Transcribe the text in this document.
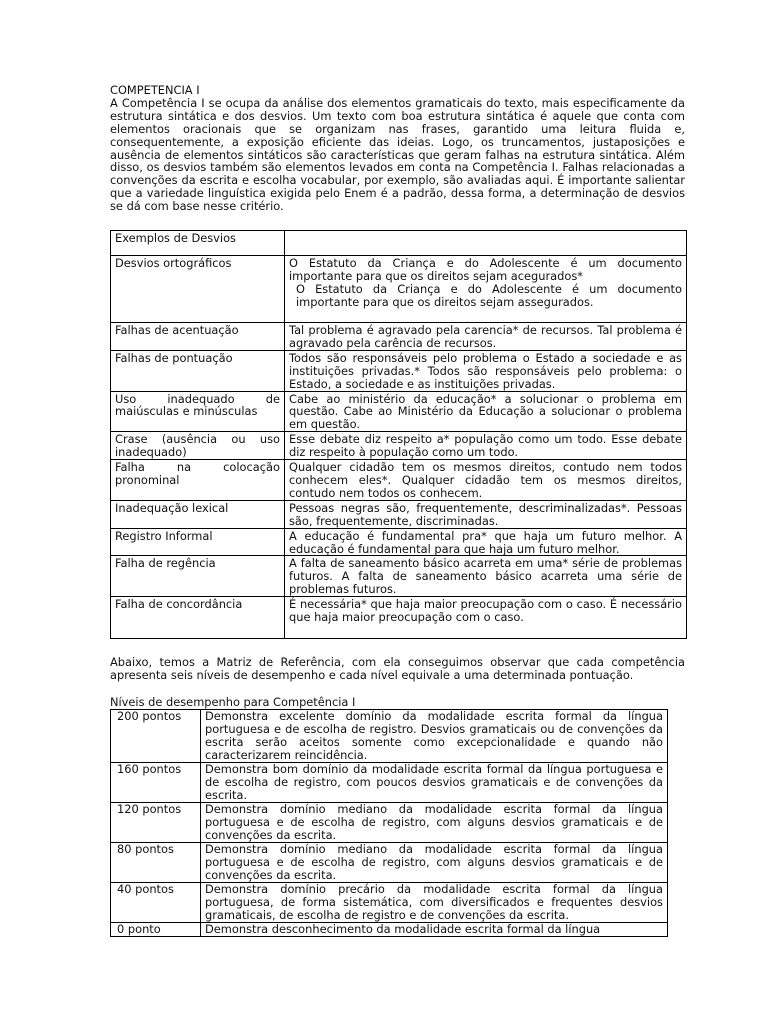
COMPETENCIA I

A Competência I se ocupa da análise dos elementos gramaticais do texto, mais especificamente da estrutura sintática e dos desvios. Um texto com boa estrutura sintática é aquele que conta com elementos oracionais que se organizam nas frases, garantido uma leitura fluida e, consequentemente, a exposição eficiente das ideias. Logo, os truncamentos, justaposições e ausência de elementos sintáticos são características que geram falhas na estrutura sintática. Além disso, os desvios também são elementos levados em conta na Competência I. Falhas relacionadas a convenções da escrita e escolha vocabular, por exemplo, são avaliadas aqui. É importante salientar que a variedade linguística exigida pelo Enem é a padrão, dessa forma, a determinação de desvios se dá com base nesse critério.

Exemplos de Desvios	
Desvios ortográficos	O Estatuto da Criança e do Adolescente é um documento importante para que os direitos sejam acegurados*

O Estatuto da Criança e do Adolescente é um documento importante para que os direitos sejam assegurados.

Falhas de acentuação	Tal problema é agravado pela carencia* de recursos. Tal problema é agravado pela carência de recursos.
Falhas de pontuação	Todos são responsáveis pelo problema o Estado a sociedade e as instituições privadas.* Todos são responsáveis pelo problema: o Estado, a sociedade e as instituições privadas.
Uso inadequado de maiúsculas e minúsculas	Cabe ao ministério da educação* a solucionar o problema em questão. Cabe ao Ministério da Educação a solucionar o problema em questão.
Crase (ausência ou uso inadequado)	Esse debate diz respeito a* população como um todo. Esse debate diz respeito à população como um todo.
Falha na colocação pronominal	Qualquer cidadão tem os mesmos direitos, contudo nem todos conhecem eles*. Qualquer cidadão tem os mesmos direitos, contudo nem todos os conhecem.
Inadequação lexical	Pessoas negras são, frequentemente, descriminalizadas*. Pessoas são, frequentemente, discriminadas.
Registro Informal	A educação é fundamental pra* que haja um futuro melhor. A educação é fundamental para que haja um futuro melhor.
Falha de regência	A falta de saneamento básico acarreta em uma* série de problemas futuros. A falta de saneamento básico acarreta uma série de problemas futuros.
Falha de concordância	É necessária* que haja maior preocupação com o caso. É necessário que haja maior preocupação com o caso.

Abaixo, temos a Matriz de Referência, com ela conseguimos observar que cada competência apresenta seis níveis de desempenho e cada nível equivale a uma determinada pontuação.

Níveis de desempenho para Competência I

200 pontos	Demonstra excelente domínio da modalidade escrita formal da língua portuguesa e de escolha de registro. Desvios gramaticais ou de convenções da escrita serão aceitos somente como excepcionalidade e quando não caracterizarem reincidência.
160 pontos	Demonstra bom domínio da modalidade escrita formal da língua portuguesa e de escolha de registro, com poucos desvios gramaticais e de convenções da escrita.
120 pontos	Demonstra domínio mediano da modalidade escrita formal da língua portuguesa e de escolha de registro, com alguns desvios gramaticais e de convenções da escrita.
80 pontos	Demonstra domínio mediano da modalidade escrita formal da língua portuguesa e de escolha de registro, com alguns desvios gramaticais e de convenções da escrita.
40 pontos	Demonstra domínio precário da modalidade escrita formal da língua portuguesa, de forma sistemática, com diversificados e frequentes desvios gramaticais, de escolha de registro e de convenções da escrita.
0 ponto	Demonstra desconhecimento da modalidade escrita formal da língua
